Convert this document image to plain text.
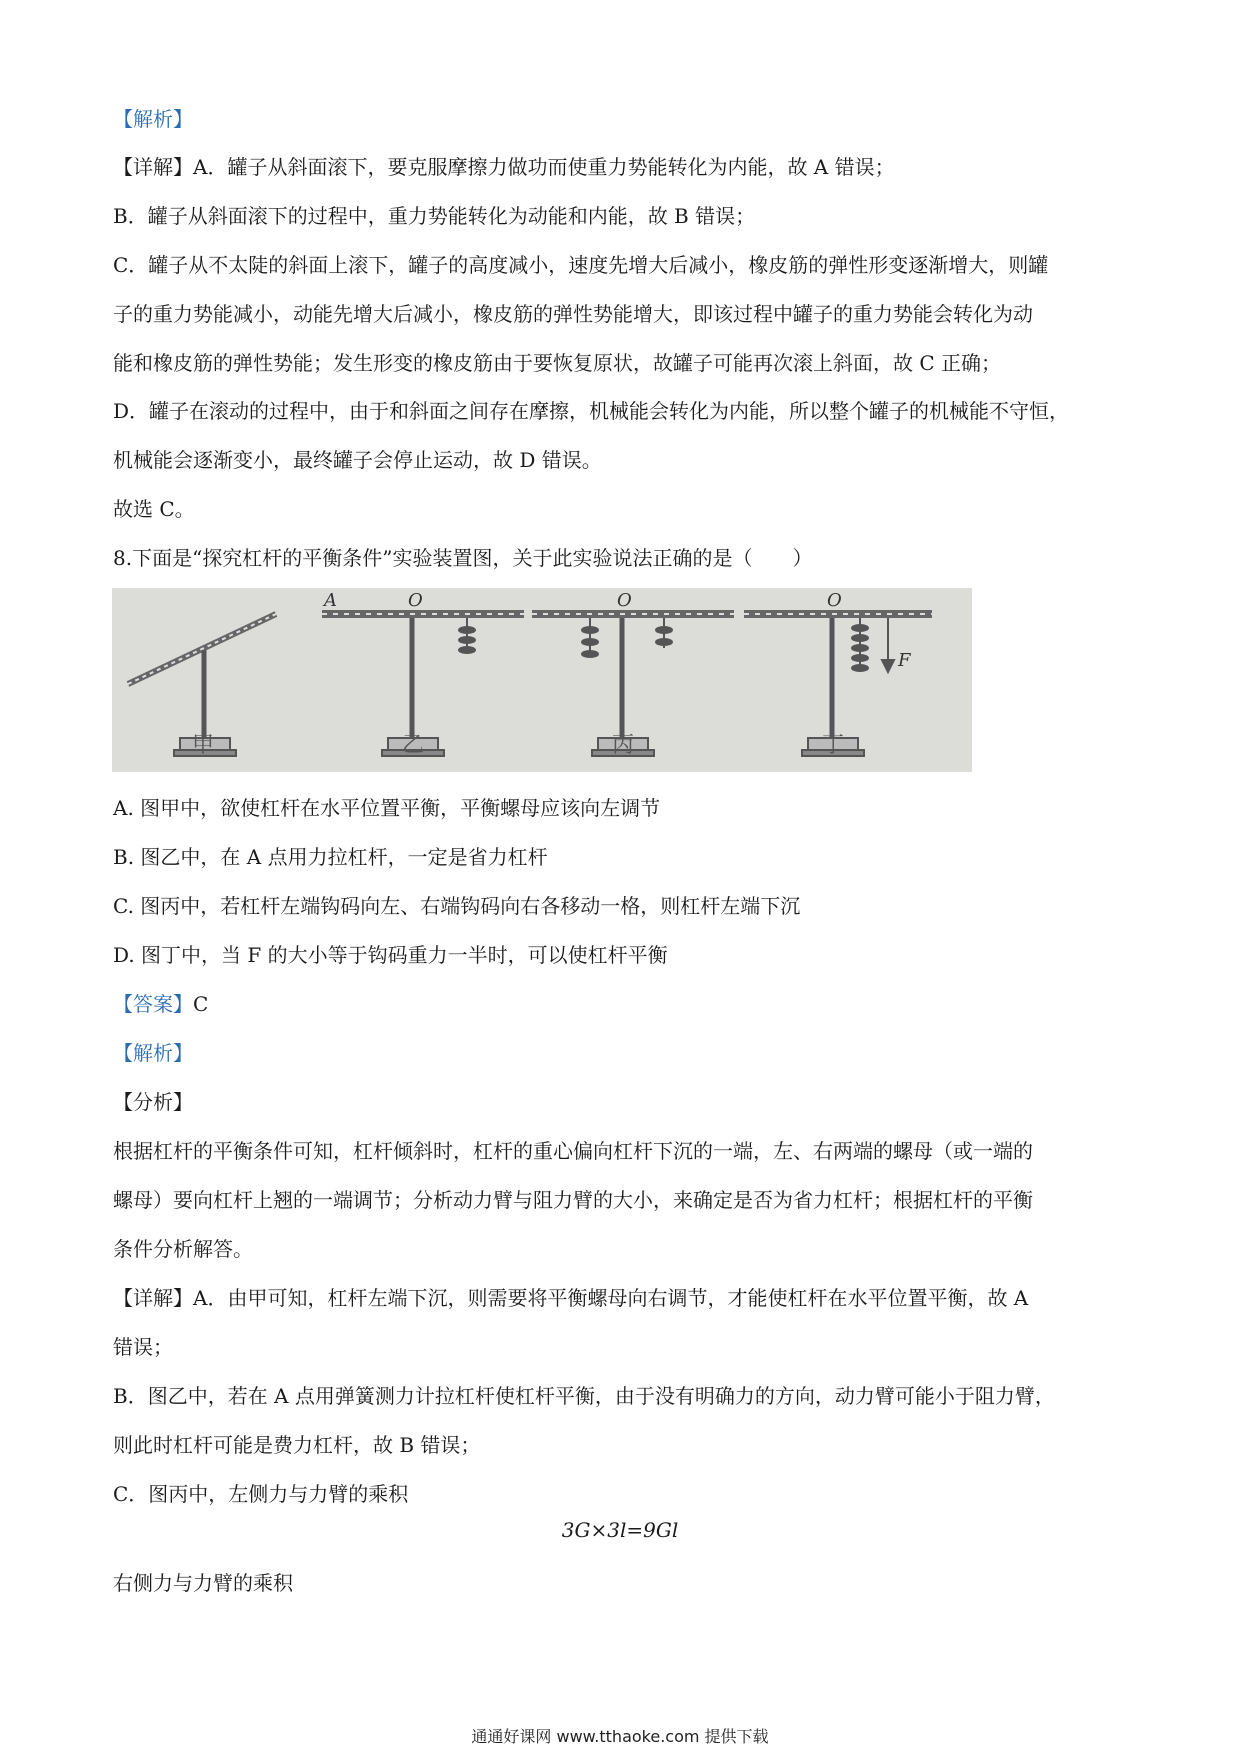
【解析】
【详解】A．罐子从斜面滚下，要克服摩擦力做功而使重力势能转化为内能，故 A 错误；
B．罐子从斜面滚下的过程中，重力势能转化为动能和内能，故 B 错误；
C．罐子从不太陡的斜面上滚下，罐子的高度减小，速度先增大后减小，橡皮筋的弹性形变逐渐增大，则罐
子的重力势能减小，动能先增大后减小，橡皮筋的弹性势能增大，即该过程中罐子的重力势能会转化为动
能和橡皮筋的弹性势能；发生形变的橡皮筋由于要恢复原状，故罐子可能再次滚上斜面，故 C 正确；
D．罐子在滚动的过程中，由于和斜面之间存在摩擦，机械能会转化为内能，所以整个罐子的机械能不守恒，
机械能会逐渐变小，最终罐子会停止运动，故 D 错误。
故选 C。
8.下面是“探究杠杆的平衡条件”实验装置图，关于此实验说法正确的是（　　）
A	O	O	O
F
甲	乙	丙	丁
A. 图甲中，欲使杠杆在水平位置平衡，平衡螺母应该向左调节
B. 图乙中，在 A 点用力拉杠杆，一定是省力杠杆
C. 图丙中，若杠杆左端钩码向左、右端钩码向右各移动一格，则杠杆左端下沉
D. 图丁中，当 F 的大小等于钩码重力一半时，可以使杠杆平衡
【答案】C
【解析】
【分析】
根据杠杆的平衡条件可知，杠杆倾斜时，杠杆的重心偏向杠杆下沉的一端，左、右两端的螺母（或一端的
螺母）要向杠杆上翘的一端调节；分析动力臂与阻力臂的大小，来确定是否为省力杠杆；根据杠杆的平衡
条件分析解答。
【详解】A．由甲可知，杠杆左端下沉，则需要将平衡螺母向右调节，才能使杠杆在水平位置平衡，故 A
错误；
B．图乙中，若在 A 点用弹簧测力计拉杠杆使杠杆平衡，由于没有明确力的方向，动力臂可能小于阻力臂，
则此时杠杆可能是费力杠杆，故 B 错误；
C．图丙中，左侧力与力臂的乘积
3G×3l=9Gl
右侧力与力臂的乘积
通通好课网 www.tthaoke.com 提供下载
